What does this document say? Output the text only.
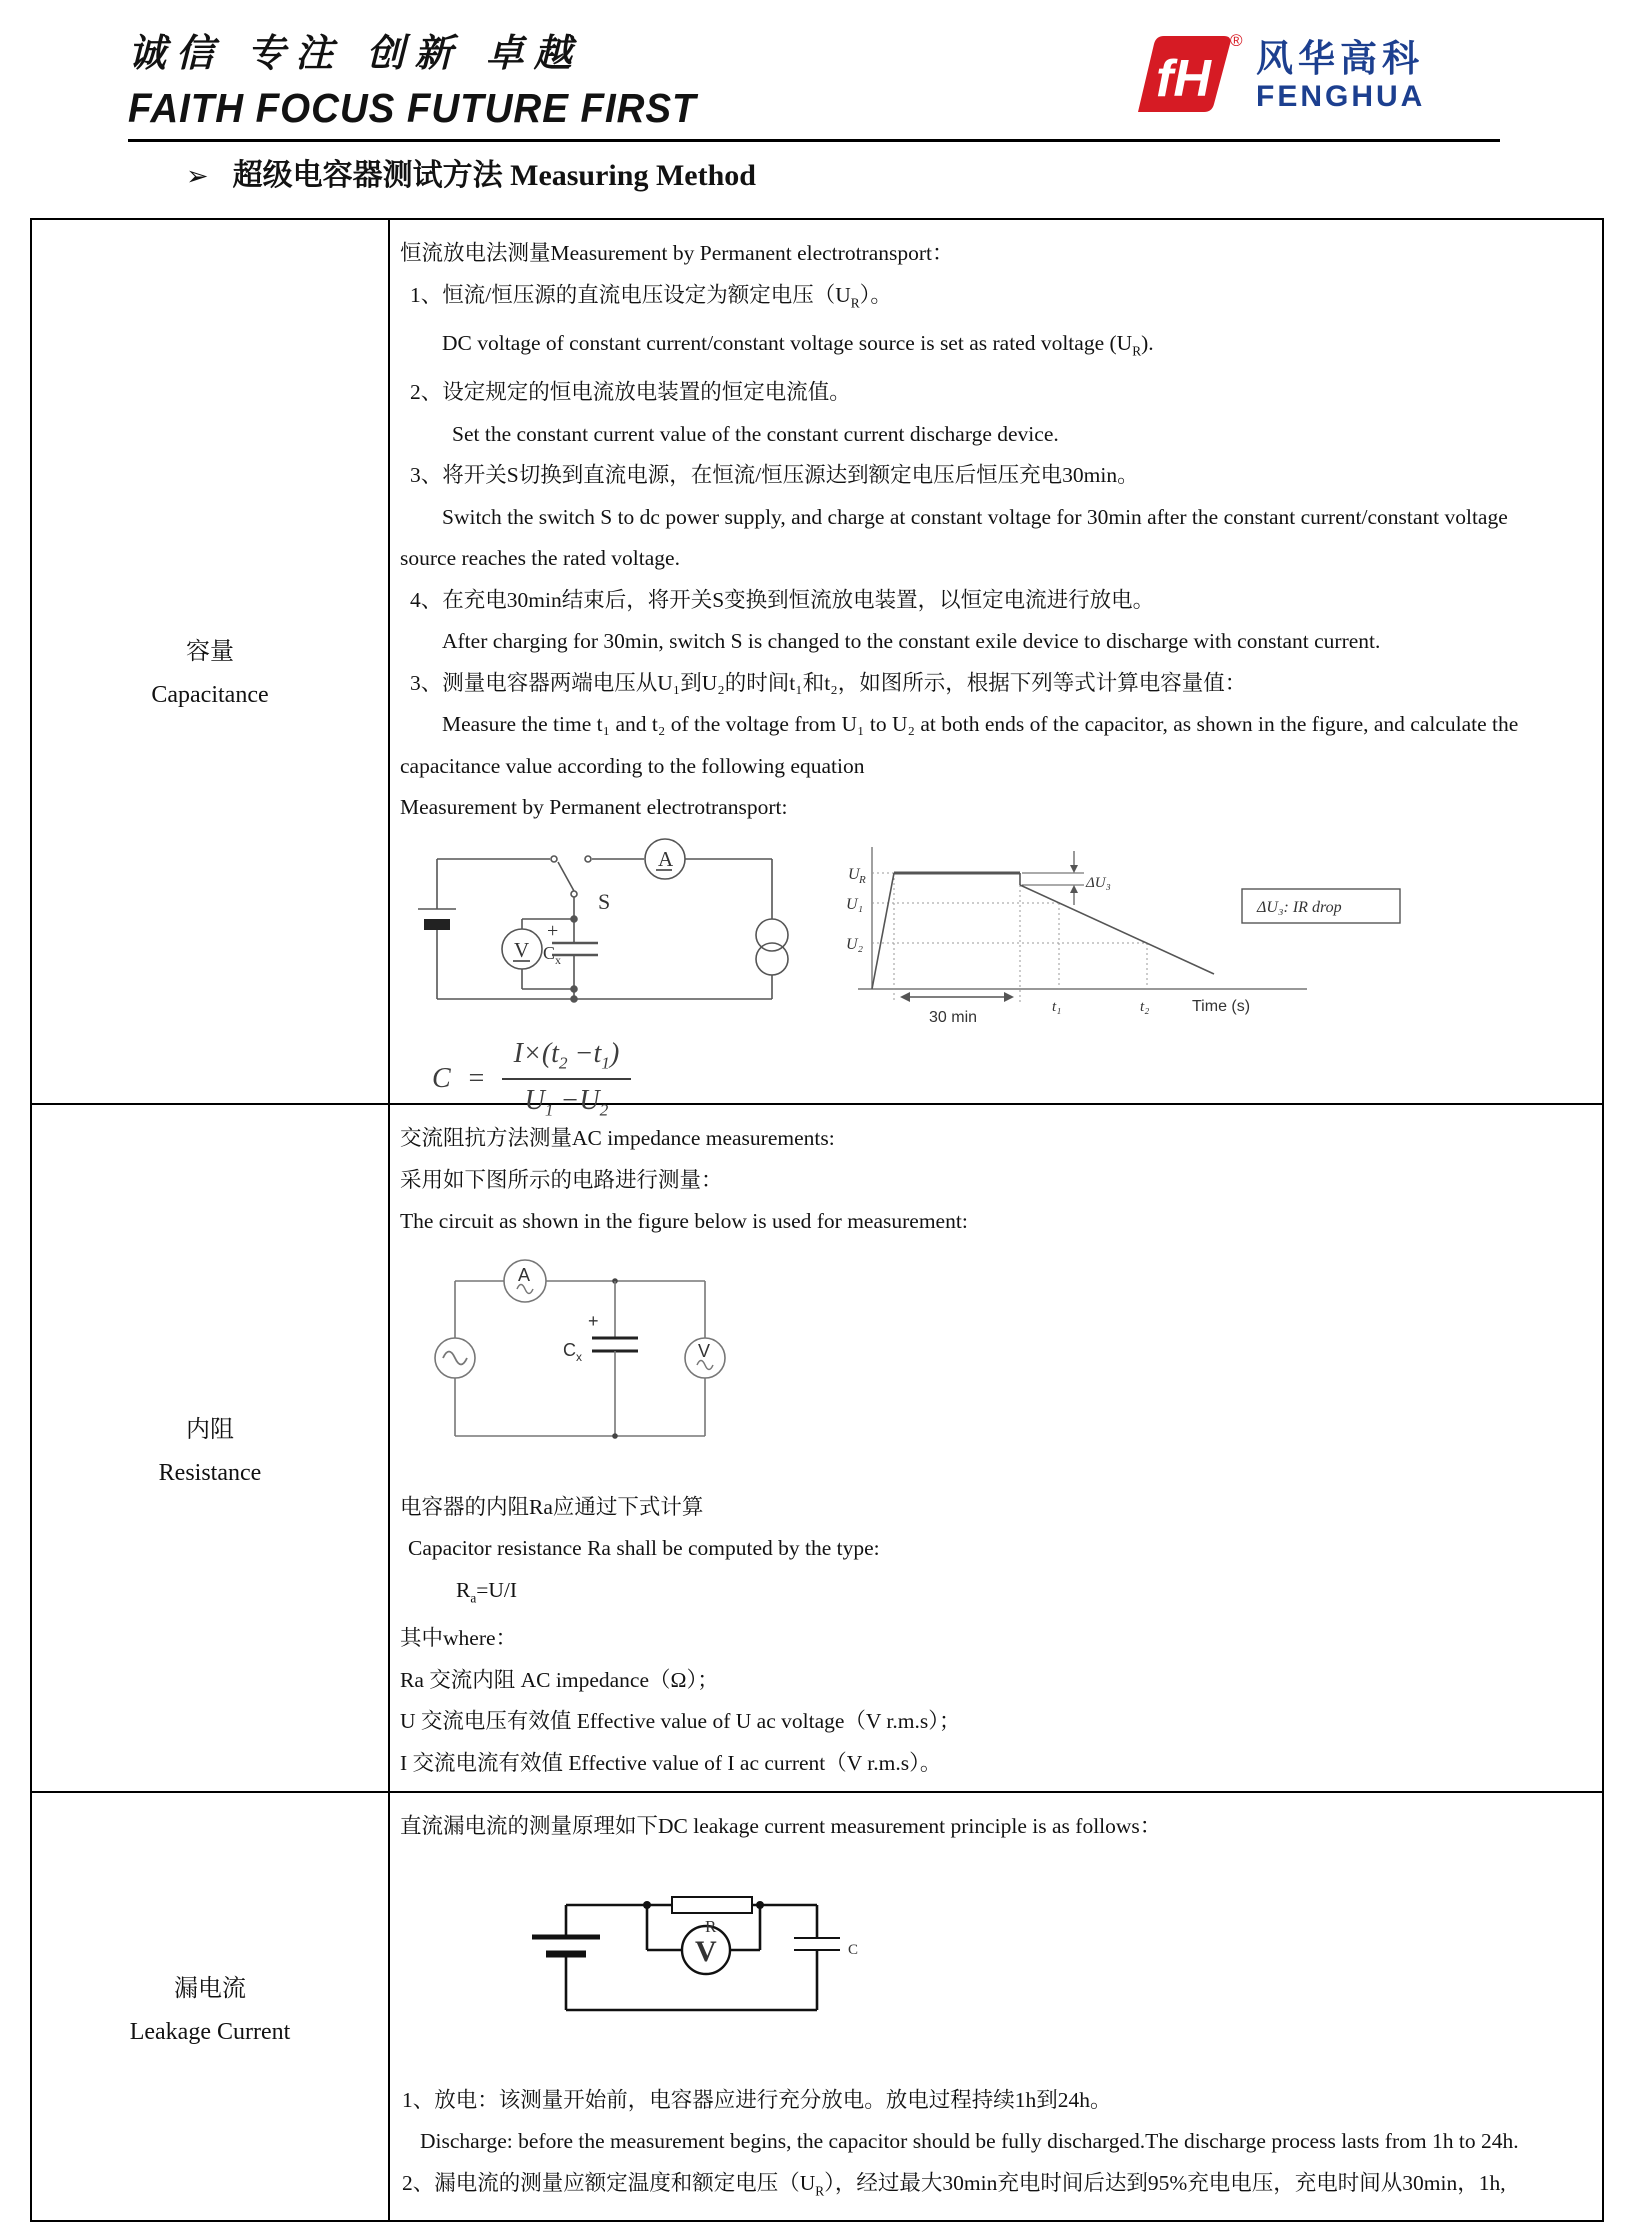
诚信 专注 创新 卓越
FAITH FOCUS FUTURE FIRST	fH
® 风华高科
FENGHUA
➢ 超级电容器测试方法 Measuring Method
容量
Capacitance
恒流放电法测量Measurement by Permanent electrotransport：
1、恒流/恒压源的直流电压设定为额定电压$(U_R)$。
DC voltage of constant current/constant voltage source is set as rated voltage $(U_R)$.
2、设定规定的恒电流放电装置的恒定电流值。
Set the constant current value of the constant current discharge device.
3、将开关S切换到直流电源，在恒流/恒压源达到额定电压后恒压充电30min。
Switch the switch S to dc power supply, and charge at constant voltage for 30min after the constant current/constant voltage
source reaches the rated voltage.
4、在充电30min结束后，将开关S变换到恒流放电装置，以恒定电流进行放电。
After charging for 30min, switch S is changed to the constant exile device to discharge with constant current.
3、测量电容器两端电压从U₁到U₂的时间t₁和t₂，如图所示，根据下列等式计算电容量值：
Measure the time t₁ and t₂ of the voltage from U₁ to U₂ at both ends of the capacitor, as shown in the figure, and calculate the
capacitance value according to the following equation
Measurement by Permanent electrotransport:
A
V
S
C x
+
U R
U₁
U₂
ΔU₃
t₁	t₂	Time (s)
30 min
ΔU₃: IR drop
$C = \frac{I\times(t_2 -t_1)}{U_1 -U_2}$
内阻
Resistance
交流阻抗方法测量AC impedance measurements:
采用如下图所示的电路进行测量：
The circuit as shown in the figure below is used for measurement:
A
V
C x
+
电容器的内阻Ra应通过下式计算
Capacitor resistance Ra shall be computed by the type:
$R_a=U/I$
其中where：
Ra 交流内阻 AC impedance（Ω）；
U 交流电压有效值 Effective value of U ac voltage（V r.m.s）；
I 交流电流有效值 Effective value of I ac current（V r.m.s）。
漏电流
Leakage Current
直流漏电流的测量原理如下DC leakage current measurement principle is as follows：
R
V	C
1、放电：该测量开始前，电容器应进行充分放电。放电过程持续1h到24h。
Discharge: before the measurement begins, the capacitor should be fully discharged.The discharge process lasts from 1h to 24h.
2、漏电流的测量应额定温度和额定电压$(U_R)$，经过最大30min充电时间后达到95%充电电压，充电时间从30min，1h,
